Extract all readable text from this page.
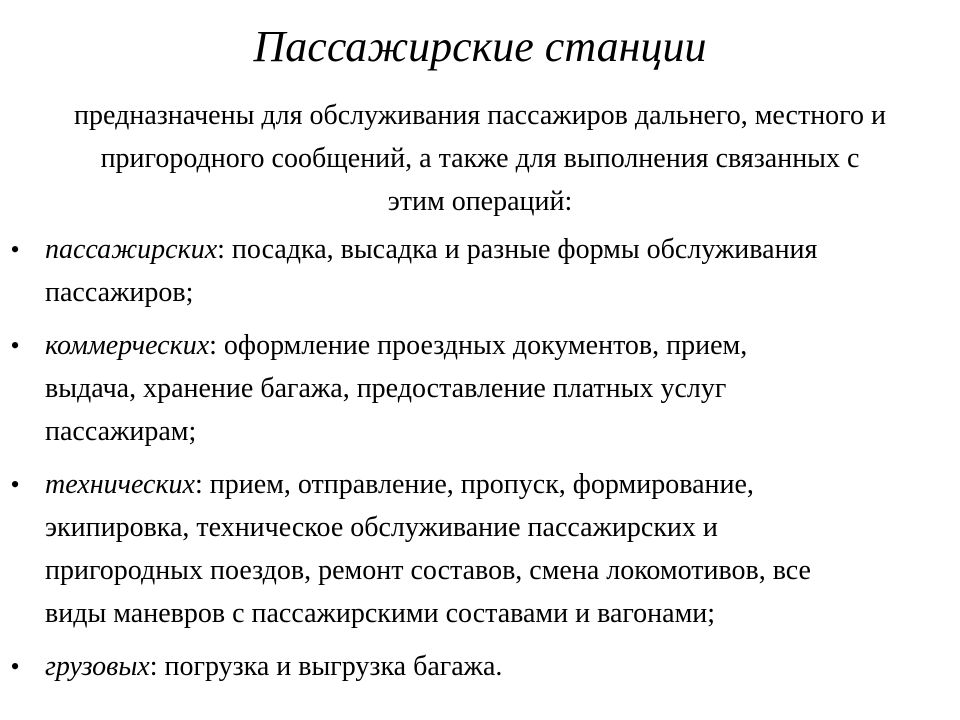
Пассажирские станции
предназначены для обслуживания пассажиров дальнего, местного и
пригородного сообщений, а также для выполнения связанных с
этим операций:
• пассажирских: посадка, высадка и разные формы обслуживания
пассажиров;
• коммерческих: оформление проездных документов, прием,
выдача, хранение багажа, предоставление платных услуг
пассажирам;
• технических: прием, отправление, пропуск, формирование,
экипировка, техническое обслуживание пассажирских и
пригородных поездов, ремонт составов, смена локомотивов, все
виды маневров с пассажирскими составами и вагонами;
• грузовых: погрузка и выгрузка багажа.
